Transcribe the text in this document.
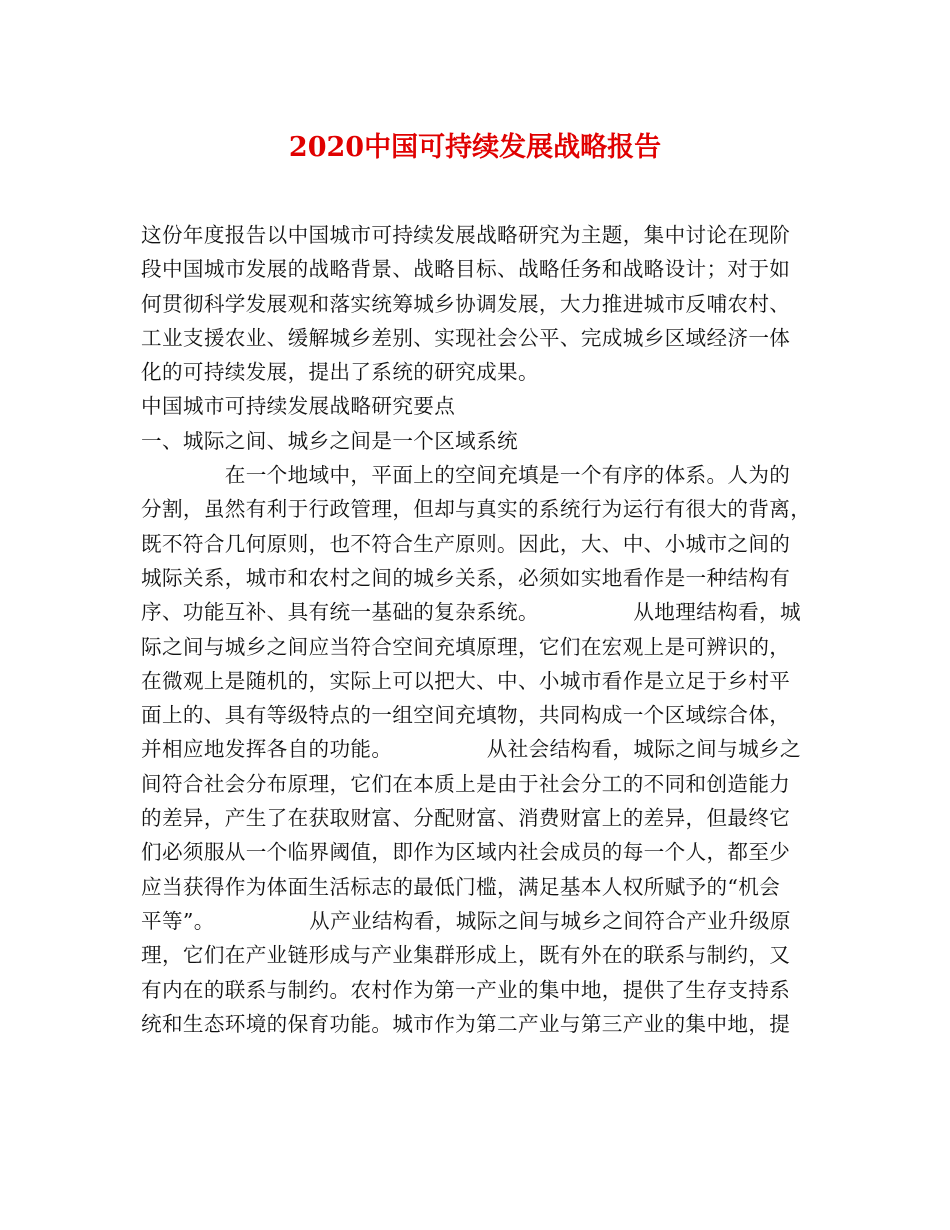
2020中国可持续发展战略报告
这份年度报告以中国城市可持续发展战略研究为主题，集中讨论在现阶
段中国城市发展的战略背景、战略目标、战略任务和战略设计；对于如
何贯彻科学发展观和落实统筹城乡协调发展，大力推进城市反哺农村、
工业支援农业、缓解城乡差别、实现社会公平、完成城乡区域经济一体
化的可持续发展，提出了系统的研究成果。
中国城市可持续发展战略研究要点
一、城际之间、城乡之间是一个区域系统
　　　　在一个地域中，平面上的空间充填是一个有序的体系。人为的
分割，虽然有利于行政管理，但却与真实的系统行为运行有很大的背离，
既不符合几何原则，也不符合生产原则。因此，大、中、小城市之间的
城际关系，城市和农村之间的城乡关系，必须如实地看作是一种结构有
序、功能互补、具有统一基础的复杂系统。　　　　　从地理结构看，城
际之间与城乡之间应当符合空间充填原理，它们在宏观上是可辨识的，
在微观上是随机的，实际上可以把大、中、小城市看作是立足于乡村平
面上的、具有等级特点的一组空间充填物，共同构成一个区域综合体，
并相应地发挥各自的功能。　　　　　从社会结构看，城际之间与城乡之
间符合社会分布原理，它们在本质上是由于社会分工的不同和创造能力
的差异，产生了在获取财富、分配财富、消费财富上的差异，但最终它
们必须服从一个临界阈值，即作为区域内社会成员的每一个人，都至少
应当获得作为体面生活标志的最低门槛，满足基本人权所赋予的“机会
平等”。　　　　　从产业结构看，城际之间与城乡之间符合产业升级原
理，它们在产业链形成与产业集群形成上，既有外在的联系与制约，又
有内在的联系与制约。农村作为第一产业的集中地，提供了生存支持系
统和生态环境的保育功能。城市作为第二产业与第三产业的集中地，提
